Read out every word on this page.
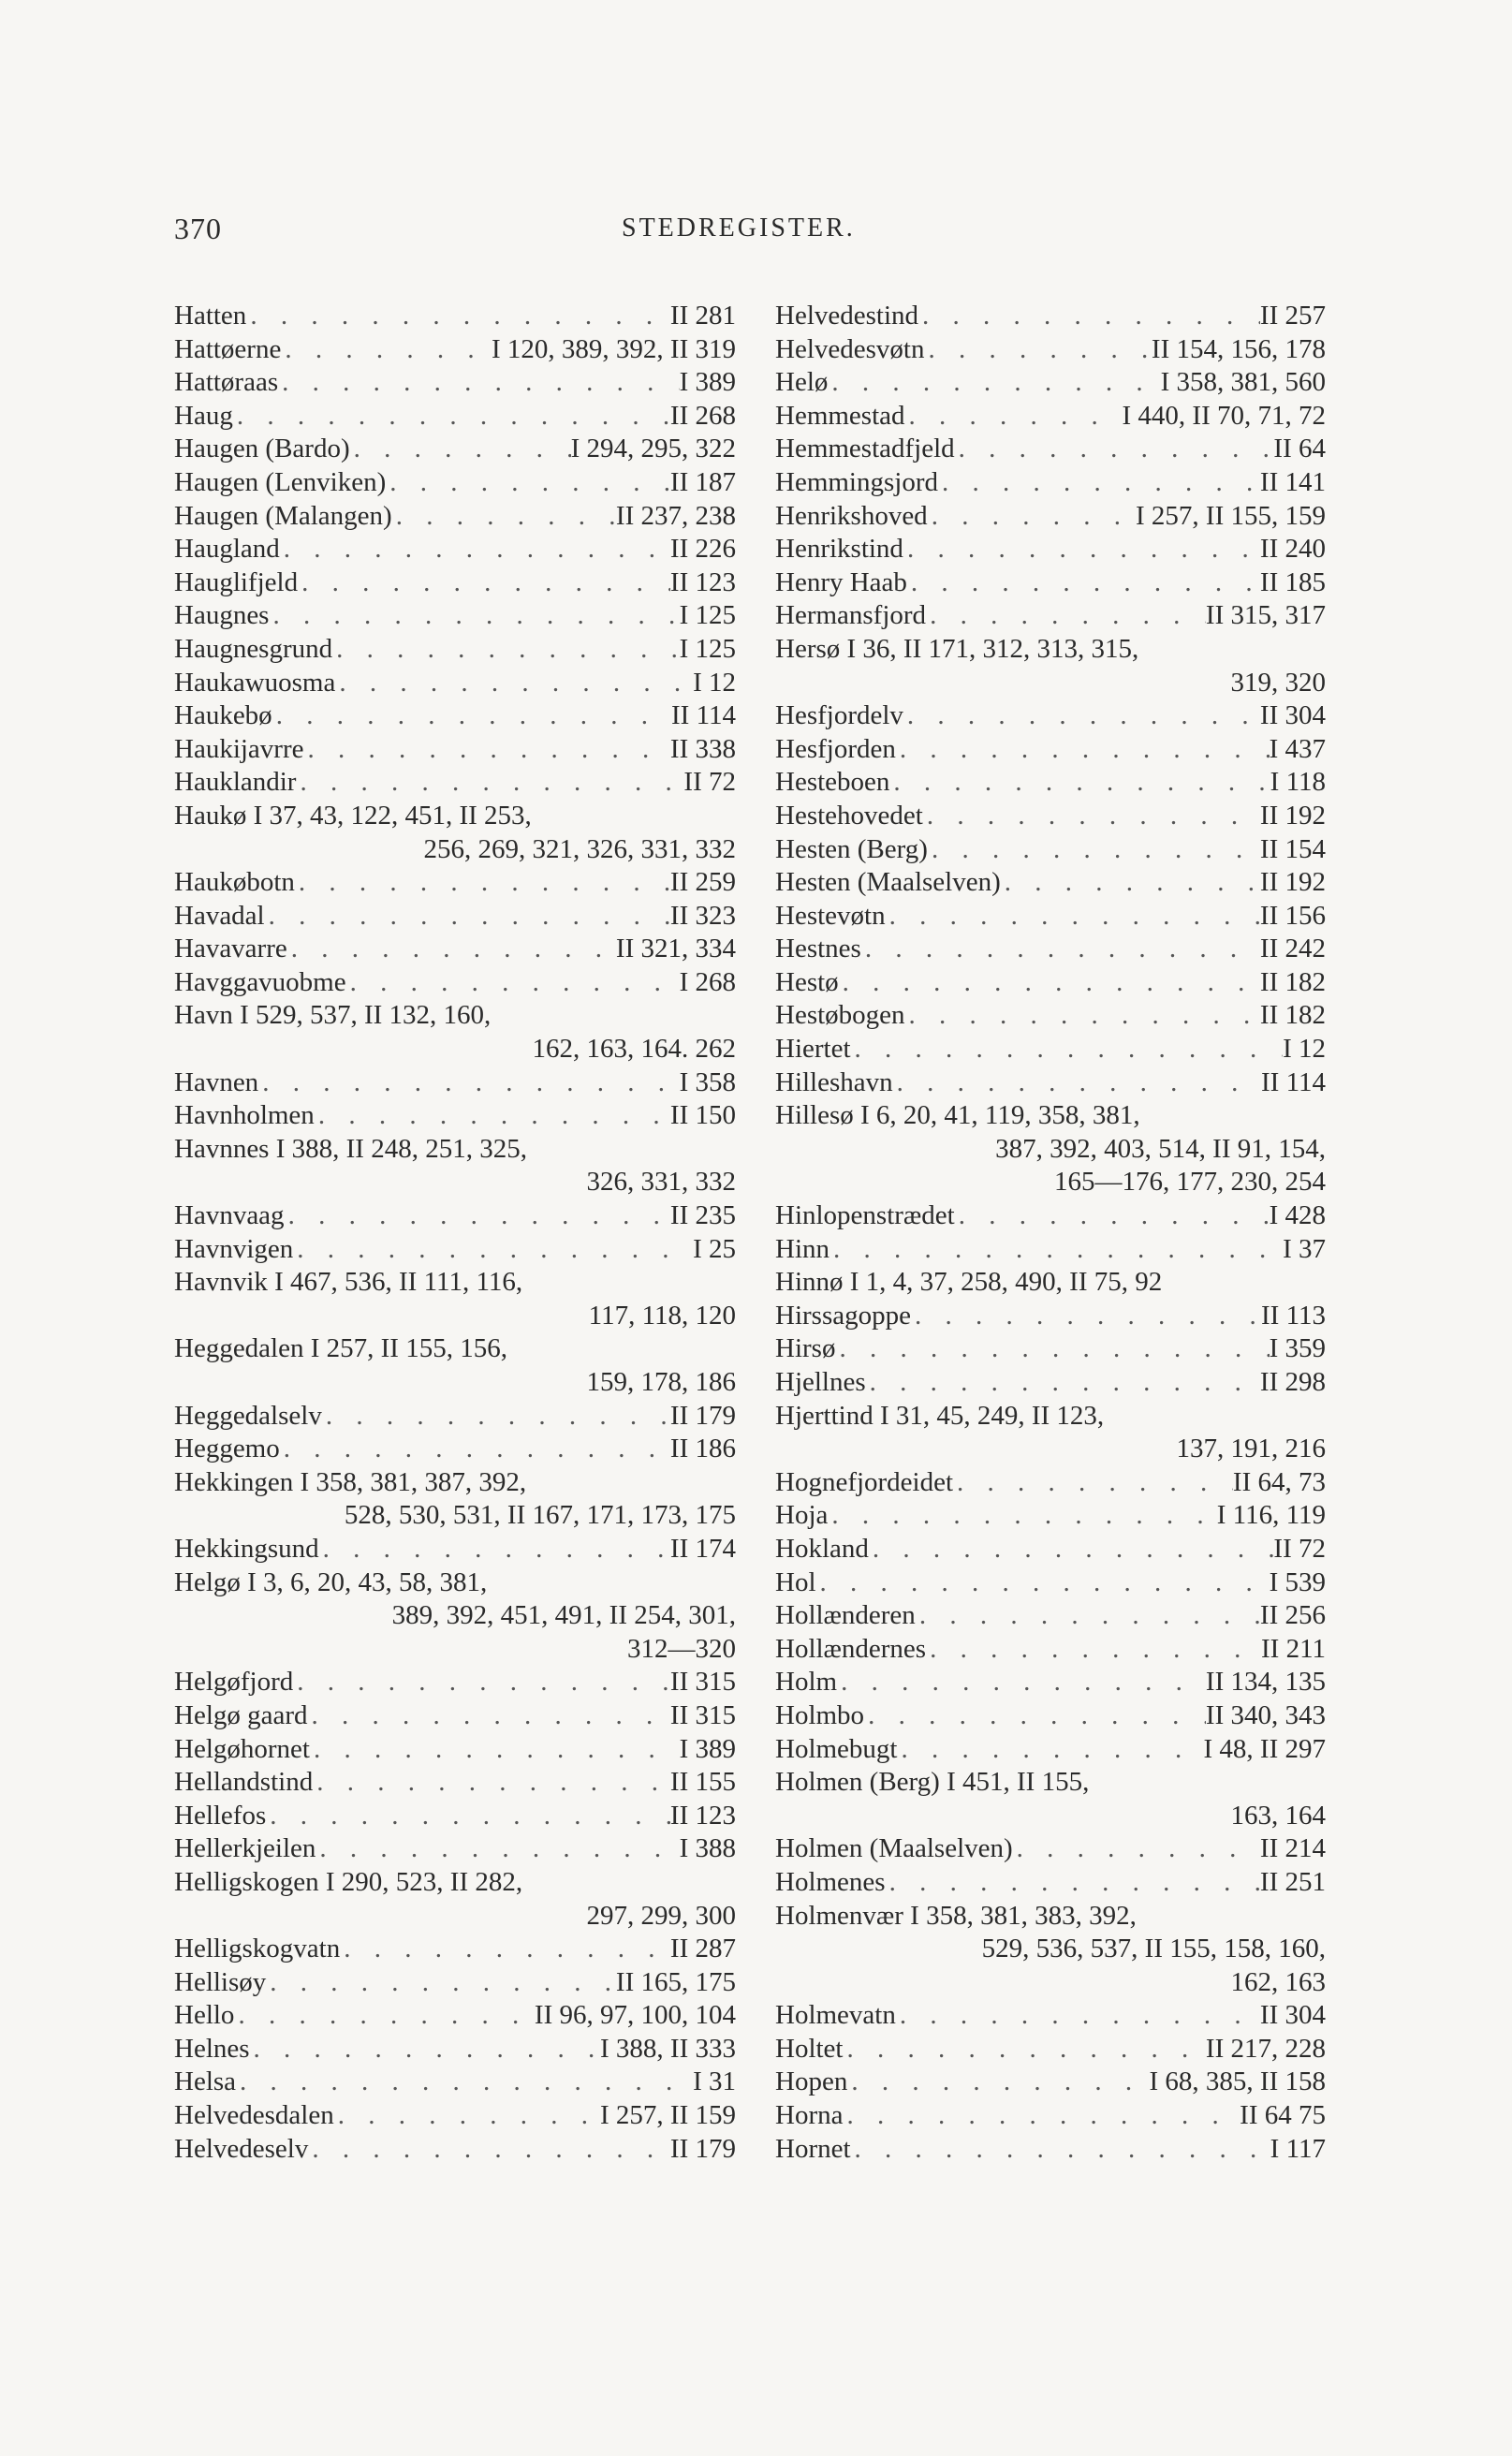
370	STEDREGISTER.
Hatten . . .	II 281
Hattøerne . . .	I 120, 389, 392, II 319
Hattøraas . . .	I 389
Haug . . .	II 268
Haugen (Bardo) . . .	I 294, 295, 322
Haugen (Lenviken) . . .	II 187
Haugen (Malangen) . . .	II 237, 238
Haugland . . .	II 226
Hauglifjeld . . .	II 123
Haugnes . . .	I 125
Haugnesgrund . . .	I 125
Haukawuosma . . .	I 12
Haukebø . . .	II 114
Haukijavrre . . .	II 338
Hauklandir . . .	II 72
Haukø I 37, 43, 122, 451, II 253,
256, 269, 321, 326, 331, 332
Haukøbotn . . .	II 259
Havadal . . .	II 323
Havavarre . . .	II 321, 334
Havggavuobme . . .	I 268
Havn I 529, 537, II 132, 160,
162, 163, 164. 262
Havnen . . .	I 358
Havnholmen . . .	II 150
Havnnes I 388, II 248, 251, 325,
326, 331, 332
Havnvaag . . .	II 235
Havnvigen . . .	I 25
Havnvik I 467, 536, II 111, 116,
117, 118, 120
Heggedalen I 257, II 155, 156,
159, 178, 186
Heggedalselv . . .	II 179
Heggemo . . .	II 186
Hekkingen I 358, 381, 387, 392,
528, 530, 531, II 167, 171, 173, 175
Hekkingsund . . .	II 174
Helgø I 3, 6, 20, 43, 58, 381,
389, 392, 451, 491, II 254, 301,
312—320
Helgøfjord . . .	II 315
Helgø gaard . . .	II 315
Helgøhornet . . .	I 389
Hellandstind . . .	II 155
Hellefos . . .	II 123
Hellerkjeilen . . .	I 388
Helligskogen I 290, 523, II 282,
297, 299, 300
Helligskogvatn . . .	II 287
Hellisøy . . .	II 165, 175
Hello . . .	II 96, 97, 100, 104
Helnes . . .	I 388, II 333
Helsa . . .	I 31
Helvedesdalen . . .	I 257, II 159
Helvedeselv . . .	II 179
Helvedestind . . .	II 257
Helvedesvøtn . . .	II 154, 156, 178
Helø . . .	I 358, 381, 560
Hemmestad . . .	I 440, II 70, 71, 72
Hemmestadfjeld . . .	II 64
Hemmingsjord . . .	II 141
Henrikshoved . . .	I 257, II 155, 159
Henrikstind . . .	II 240
Henry Haab . . .	II 185
Hermansfjord . . .	II 315, 317
Hersø I 36, II 171, 312, 313, 315,
319, 320
Hesfjordelv . . .	II 304
Hesfjorden . . .	I 437
Hesteboen . . .	I 118
Hestehovedet . . .	II 192
Hesten (Berg) . . .	II 154
Hesten (Maalselven) . . .	II 192
Hestevøtn . . .	II 156
Hestnes . . .	II 242
Hestø . . .	II 182
Hestøbogen . . .	II 182
Hiertet . . .	I 12
Hilleshavn . . .	II 114
Hillesø I 6, 20, 41, 119, 358, 381,
387, 392, 403, 514, II 91, 154,
165—176, 177, 230, 254
Hinlopenstrædet . . .	I 428
Hinn . . .	I 37
Hinnø I 1, 4, 37, 258, 490, II 75, 92
Hirssagoppe . . .	II 113
Hirsø . . .	I 359
Hjellnes . . .	II 298
Hjerttind I 31, 45, 249, II 123,
137, 191, 216
Hognefjordeidet . . .	II 64, 73
Hoja . . .	I 116, 119
Hokland . . .	II 72
Hol . . .	I 539
Hollænderen . . .	II 256
Hollændernes . . .	II 211
Holm . . .	II 134, 135
Holmbo . . .	II 340, 343
Holmebugt . . .	I 48, II 297
Holmen (Berg) I 451, II 155,
163, 164
Holmen (Maalselven) . . .	II 214
Holmenes . . .	II 251
Holmenvær I 358, 381, 383, 392,
529, 536, 537, II 155, 158, 160,
162, 163
Holmevatn . . .	II 304
Holtet . . .	II 217, 228
Hopen . . .	I 68, 385, II 158
Horna . . .	II 64 75
Hornet . . .	I 117
